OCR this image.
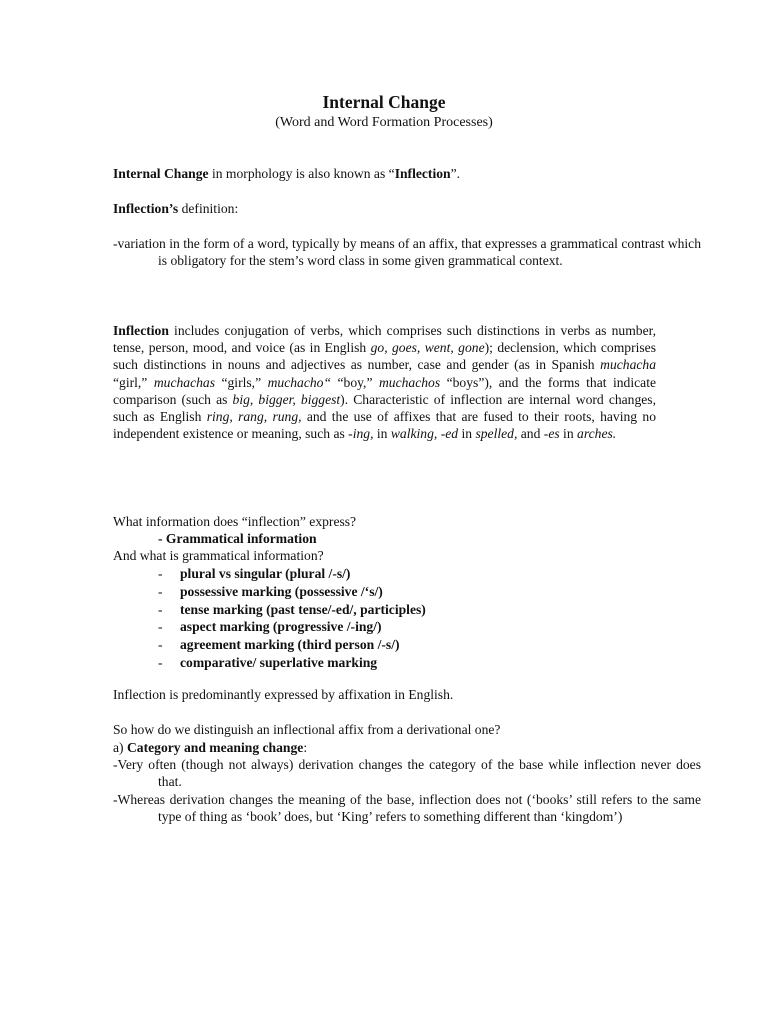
Internal Change
(Word and Word Formation Processes)
Internal Change in morphology is also known as “Inflection”.
Inflection’s definition:
-variation in the form of a word, typically by means of an affix, that expresses a grammatical contrast which is obligatory for the stem’s word class in some given grammatical context.
Inflection includes conjugation of verbs, which comprises such distinctions in verbs as number, tense, person, mood, and voice (as in English go, goes, went, gone); declension, which comprises such distinctions in nouns and adjectives as number, case and gender (as in Spanish muchacha “girl,” muchachas “girls,” muchacho“ “boy,” muchachos “boys”), and the forms that indicate comparison (such as big, bigger, biggest). Characteristic of inflection are internal word changes, such as English ring, rang, rung, and the use of affixes that are fused to their roots, having no independent existence or meaning, such as -ing, in walking, -ed in spelled, and -es in arches.
What information does “inflection” express?
- Grammatical information
And what is grammatical information?
- plural vs singular (plural /-s/)
- possessive marking (possessive /‘s/)
- tense marking (past tense/-ed/, participles)
- aspect marking (progressive /-ing/)
- agreement marking (third person /-s/)
- comparative/ superlative marking
Inflection is predominantly expressed by affixation in English.
So how do we distinguish an inflectional affix from a derivational one?
a) Category and meaning change:
-Very often (though not always) derivation changes the category of the base while inflection never does that.
-Whereas derivation changes the meaning of the base, inflection does not (‘books’ still refers to the same type of thing as ‘book’ does, but ‘King’ refers to something different than ‘kingdom’)
